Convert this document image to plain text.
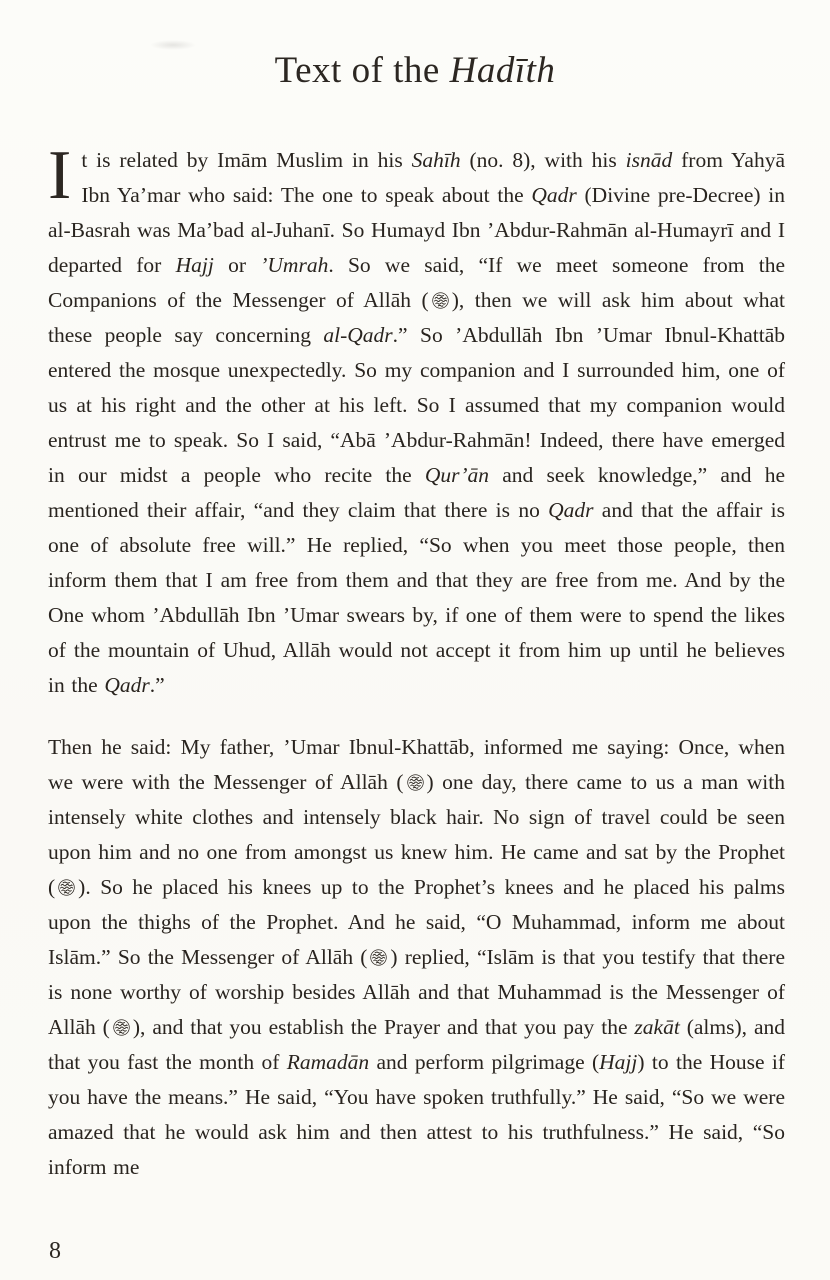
Text of the Hadīth

It is related by Imām Muslim in his Sahīh (no. 8), with his isnād from Yahyā Ibn Ya’mar who said: The one to speak about the Qadr (Divine pre-Decree) in al-Basrah was Ma’bad al-Juhanī. So Humayd Ibn ’Abdur-Rahmān al-Humayrī and I departed for Hajj or ’Umrah. So we said, “If we meet someone from the Companions of the Messenger of Allāh ( ), then we will ask him about what these people say concerning al-Qadr.” So ’Abdullāh Ibn ’Umar Ibnul-Khattāb entered the mosque unexpectedly. So my companion and I surrounded him, one of us at his right and the other at his left. So I assumed that my companion would entrust me to speak. So I said, “Abā ’Abdur-Rahmān! Indeed, there have emerged in our midst a people who recite the Qur’ān and seek knowledge,” and he mentioned their affair, “and they claim that there is no Qadr and that the affair is one of absolute free will.” He replied, “So when you meet those people, then inform them that I am free from them and that they are free from me. And by the One whom ’Abdullāh Ibn ’Umar swears by, if one of them were to spend the likes of the mountain of Uhud, Allāh would not accept it from him up until he believes in the Qadr.”

Then he said: My father, ’Umar Ibnul-Khattāb, informed me saying: Once, when we were with the Messenger of Allāh ( ) one day, there came to us a man with intensely white clothes and intensely black hair. No sign of travel could be seen upon him and no one from amongst us knew him. He came and sat by the Prophet ( ). So he placed his knees up to the Prophet’s knees and he placed his palms upon the thighs of the Prophet. And he said, “O Muhammad, inform me about Islām.” So the Messenger of Allāh ( ) replied, “Islām is that you testify that there is none worthy of worship besides Allāh and that Muhammad is the Messenger of Allāh ( ), and that you establish the Prayer and that you pay the zakāt (alms), and that you fast the month of Ramadān and perform pilgrimage (Hajj) to the House if you have the means.” He said, “You have spoken truthfully.” He said, “So we were amazed that he would ask him and then attest to his truthfulness.” He said, “So inform me

8
